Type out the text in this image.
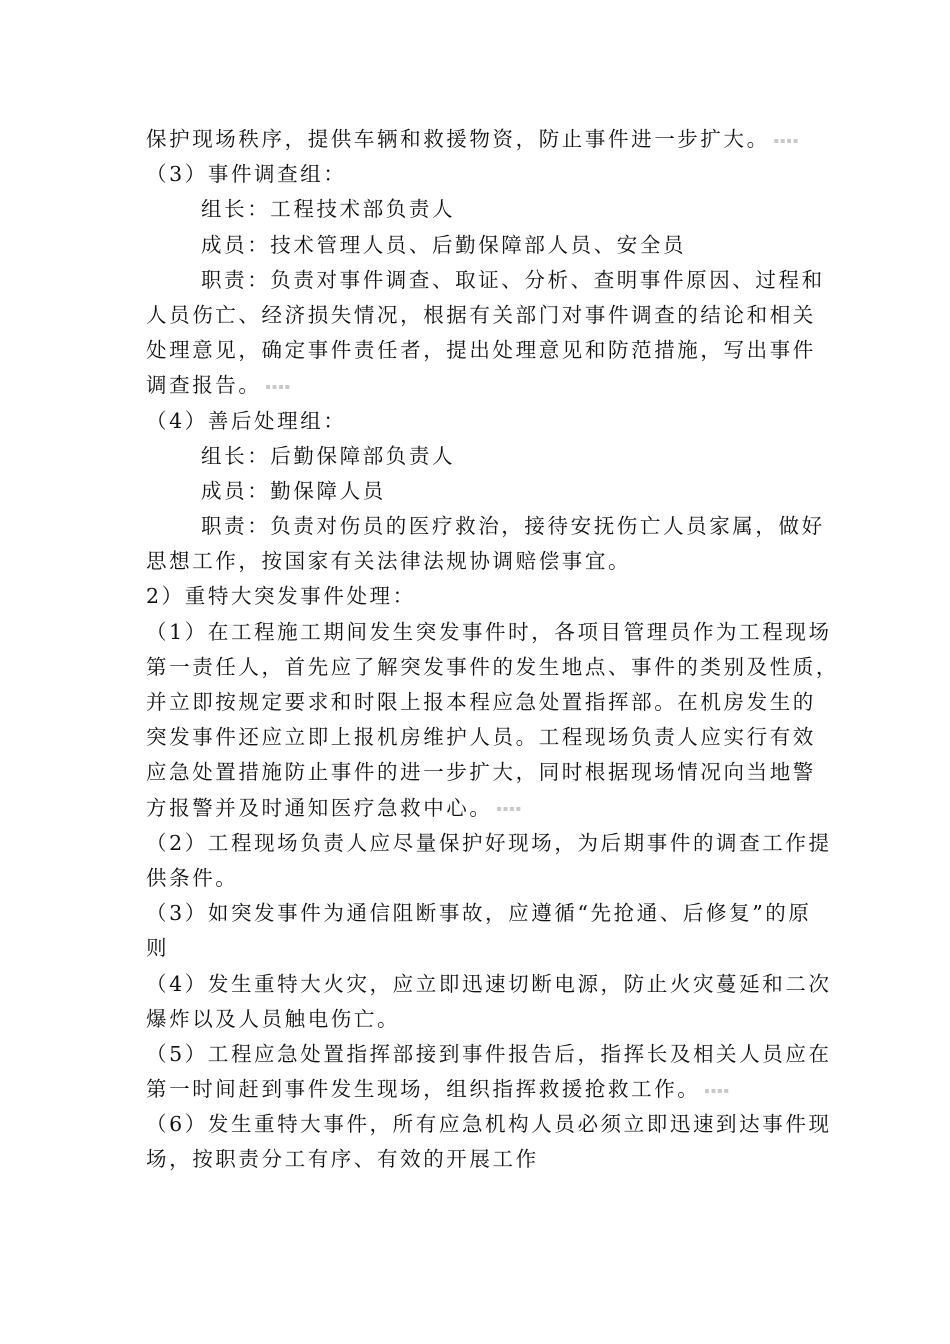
保护现场秩序，提供车辆和救援物资，防止事件进一步扩大。 ▪▪▪▪
（3）事件调查组：
组长：工程技术部负责人
成员：技术管理人员、后勤保障部人员、安全员
职责：负责对事件调查、取证、分析、查明事件原因、过程和
人员伤亡、经济损失情况，根据有关部门对事件调查的结论和相关
处理意见，确定事件责任者，提出处理意见和防范措施，写出事件
调查报告。 ▪▪▪▪
（4）善后处理组：
组长：后勤保障部负责人
成员：勤保障人员
职责：负责对伤员的医疗救治，接待安抚伤亡人员家属，做好
思想工作，按国家有关法律法规协调赔偿事宜。
2）重特大突发事件处理：
（1）在工程施工期间发生突发事件时，各项目管理员作为工程现场
第一责任人，首先应了解突发事件的发生地点、事件的类别及性质，
并立即按规定要求和时限上报本程应急处置指挥部。在机房发生的
突发事件还应立即上报机房维护人员。工程现场负责人应实行有效
应急处置措施防止事件的进一步扩大，同时根据现场情况向当地警
方报警并及时通知医疗急救中心。 ▪▪▪▪
（2）工程现场负责人应尽量保护好现场，为后期事件的调查工作提
供条件。
（3）如突发事件为通信阻断事故，应遵循“先抢通、后修复”的原
则
（4）发生重特大火灾，应立即迅速切断电源，防止火灾蔓延和二次
爆炸以及人员触电伤亡。
（5）工程应急处置指挥部接到事件报告后，指挥长及相关人员应在
第一时间赶到事件发生现场，组织指挥救援抢救工作。 ▪▪▪▪
（6）发生重特大事件，所有应急机构人员必须立即迅速到达事件现
场，按职责分工有序、有效的开展工作
